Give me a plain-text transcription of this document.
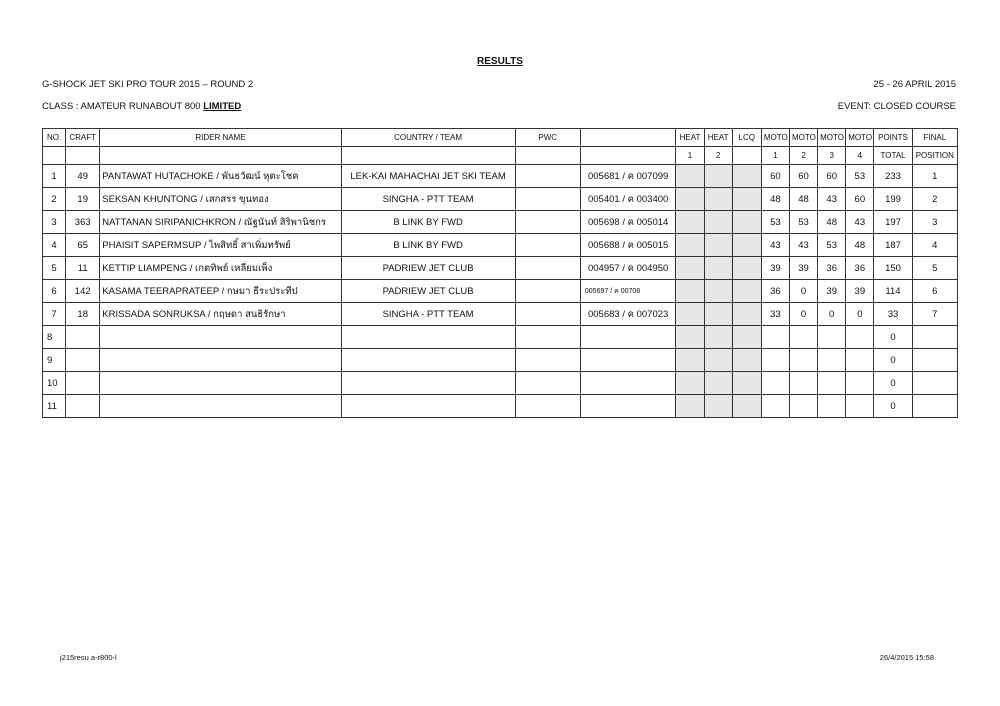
RESULTS
G-SHOCK JET SKI PRO TOUR 2015 – ROUND 2	25 - 26 APRIL 2015
CLASS : AMATEUR RUNABOUT 800 LIMITED	EVENT: CLOSED COURSE
NO.	CRAFT	RIDER NAME	COUNTRY / TEAM	PWC		HEAT	HEAT	LCQ	MOTO	MOTO	MOTO	MOTO	POINTS	FINAL
						1	2		1	2	3	4	TOTAL	POSITION
1	49	PANTAWAT HUTACHOKE / พันธวัฒน์ หุตะโชค	LEK-KAI MAHACHAI JET SKI TEAM		005681 / ค 007099				60	60	60	53	233	1
2	19	SEKSAN KHUNTONG / เสกสรร ขุนทอง	SINGHA - PTT TEAM		005401 / ค 003400				48	48	43	60	199	2
3	363	NATTANAN SIRIPANICHKRON / ณัฐนันท์ สิริพานิชกร	B LINK BY FWD		005698 / ค 005014				53	53	48	43	197	3
4	65	PHAISIT SAPERMSUP / ไพสิทธิ์ สาเพิ่มทรัพย์	B LINK BY FWD		005688 / ค 005015				43	43	53	48	187	4
5	11	KETTIP LIAMPENG / เกตทิพย์ เหลี่ยมเพ็ง	PADRIEW JET CLUB		004957 / ค 004950				39	39	36	36	150	5
6	142	KASAMA TEERAPRATEEP / กษมา ธีระประทีป	PADRIEW JET CLUB		005697 / ค 00708				36	0	39	39	114	6
7	18	KRISSADA SONRUKSA / กฤษดา สนธิรักษา	SINGHA - PTT TEAM		005683 / ค 007023				33	0	0	0	33	7
8													0	
9													0	
10													0	
11													0	
j215resu a-r800-l	26/4/2015 15:58
